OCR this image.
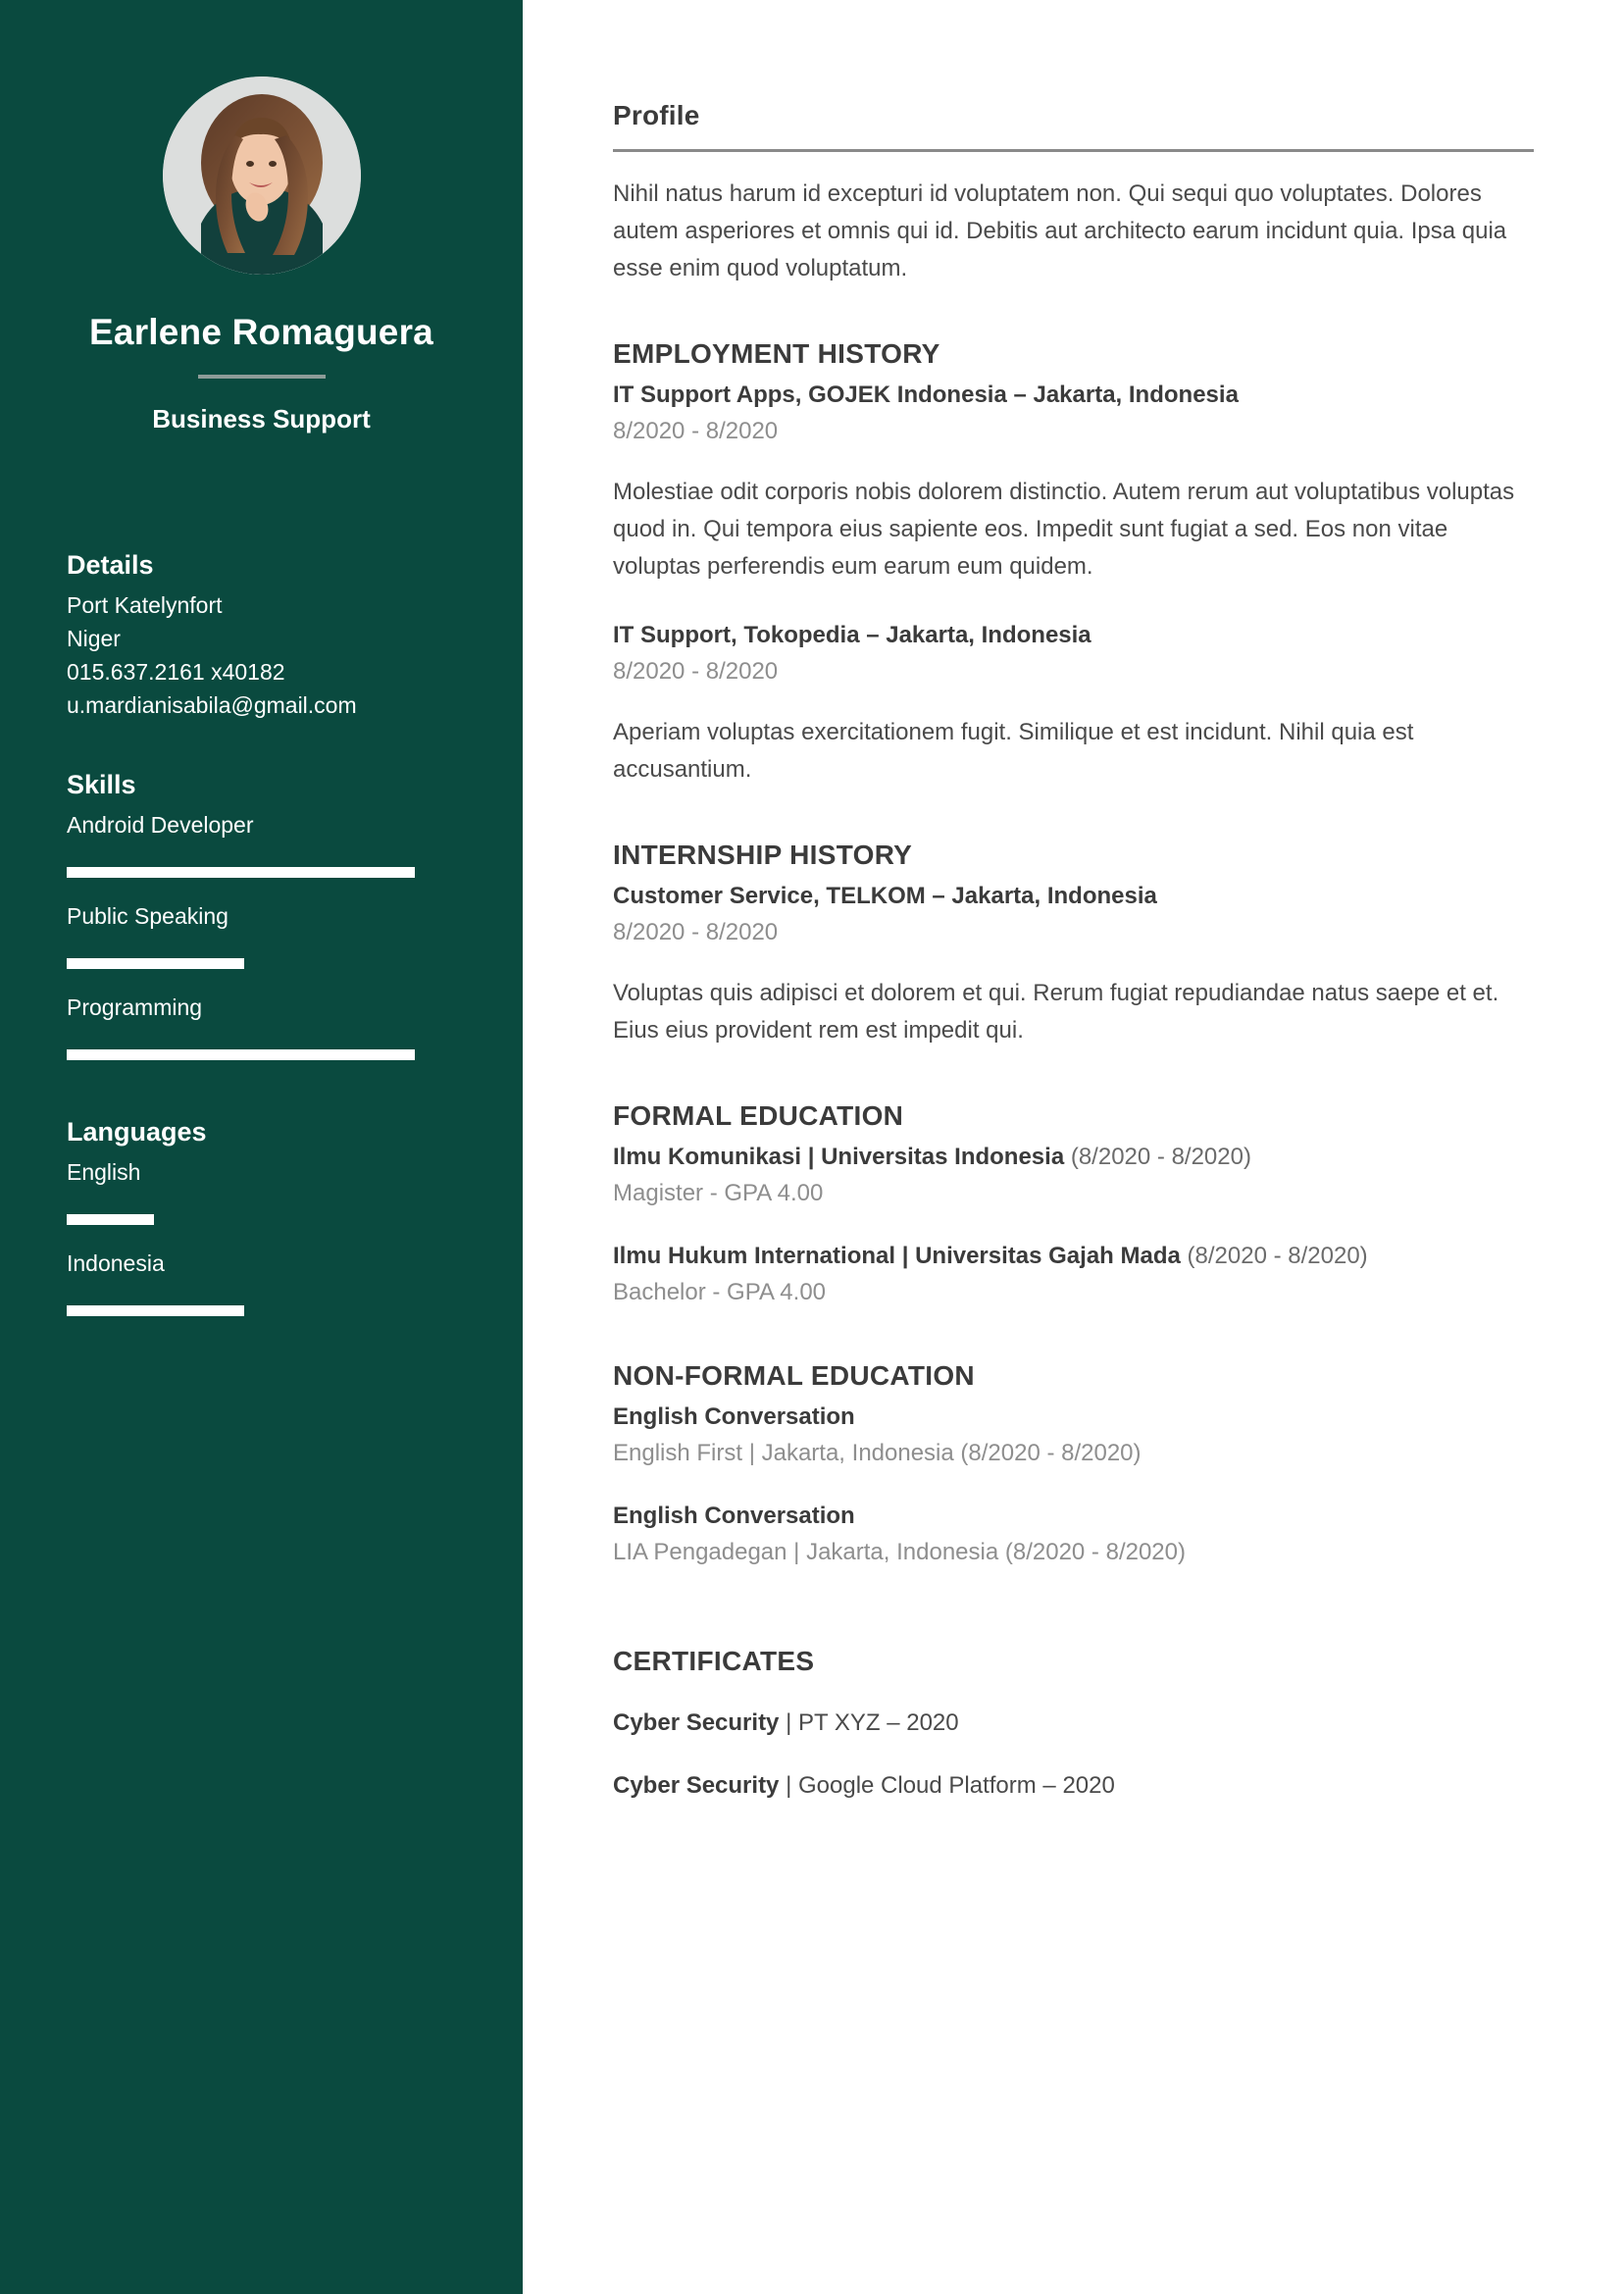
Earlene Romaguera
Business Support
Details
Port Katelynfort
Niger
015.637.2161 x40182
u.mardianisabila@gmail.com
Skills
Android Developer
Public Speaking
Programming
Languages
English
Indonesia
Profile

Nihil natus harum id excepturi id voluptatem non. Qui sequi quo voluptates. Dolores autem asperiores et omnis qui id. Debitis aut architecto earum incidunt quia. Ipsa quia esse enim quod voluptatum.

EMPLOYMENT HISTORY
IT Support Apps, GOJEK Indonesia – Jakarta, Indonesia
8/2020 - 8/2020

Molestiae odit corporis nobis dolorem distinctio. Autem rerum aut voluptatibus voluptas quod in. Qui tempora eius sapiente eos. Impedit sunt fugiat a sed. Eos non vitae voluptas perferendis eum earum eum quidem.

IT Support, Tokopedia – Jakarta, Indonesia
8/2020 - 8/2020

Aperiam voluptas exercitationem fugit. Similique et est incidunt. Nihil quia est accusantium.

INTERNSHIP HISTORY
Customer Service, TELKOM – Jakarta, Indonesia
8/2020 - 8/2020

Voluptas quis adipisci et dolorem et qui. Rerum fugiat repudiandae natus saepe et et. Eius eius provident rem est impedit qui.

FORMAL EDUCATION
Ilmu Komunikasi | Universitas Indonesia (8/2020 - 8/2020)
Magister - GPA 4.00
Ilmu Hukum International | Universitas Gajah Mada (8/2020 - 8/2020)
Bachelor - GPA 4.00
NON-FORMAL EDUCATION
English Conversation
English First | Jakarta, Indonesia (8/2020 - 8/2020)
English Conversation
LIA Pengadegan | Jakarta, Indonesia (8/2020 - 8/2020)
CERTIFICATES
Cyber Security | PT XYZ – 2020
Cyber Security | Google Cloud Platform – 2020
